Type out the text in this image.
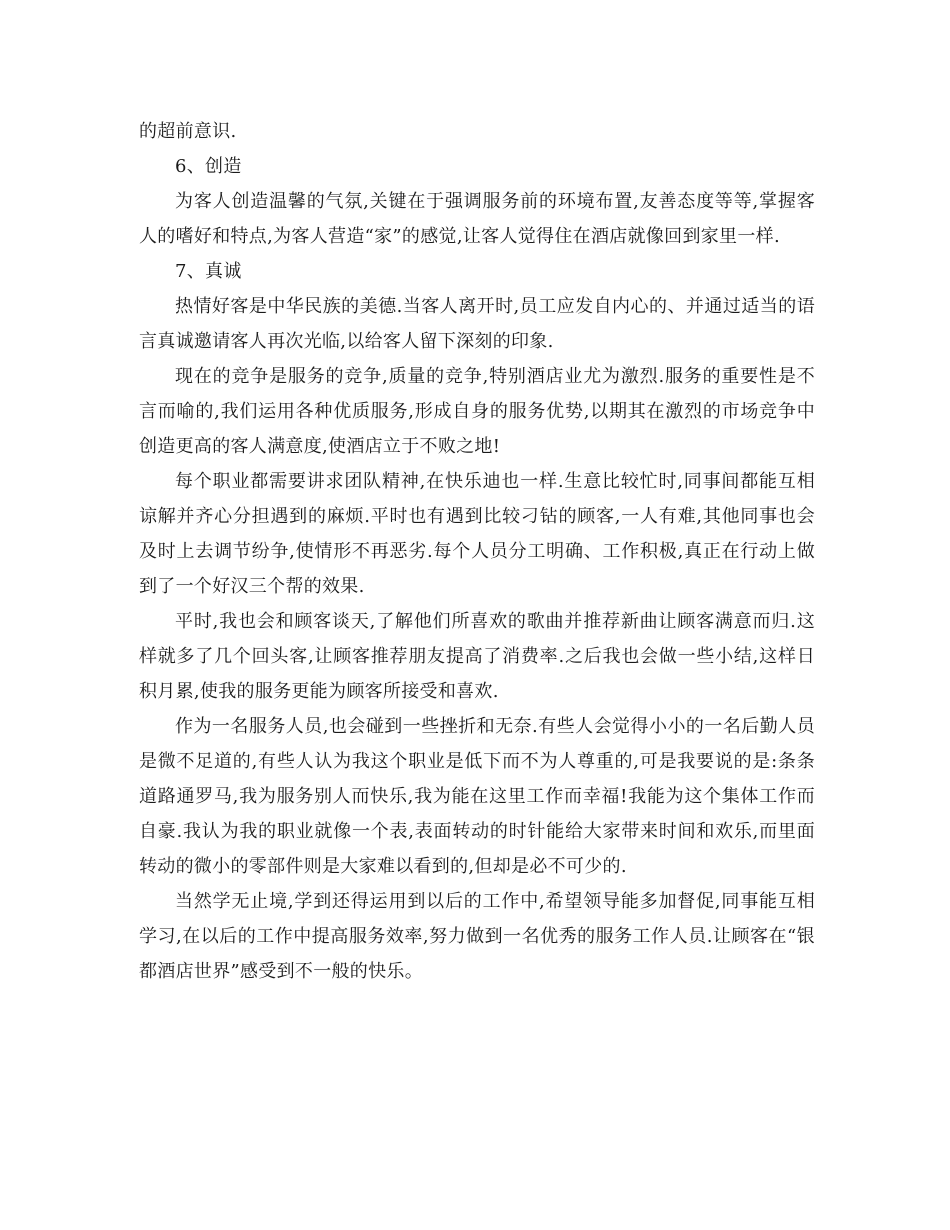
的超前意识.

6、创造

为客人创造温馨的气氛,关键在于强调服务前的环境布置,友善态度等等,掌握客人的嗜好和特点,为客人营造“家”的感觉,让客人觉得住在酒店就像回到家里一样.

7、真诚

热情好客是中华民族的美德.当客人离开时,员工应发自内心的、并通过适当的语言真诚邀请客人再次光临,以给客人留下深刻的印象.

现在的竞争是服务的竞争,质量的竞争,特别酒店业尤为激烈.服务的重要性是不言而喻的,我们运用各种优质服务,形成自身的服务优势,以期其在激烈的市场竞争中创造更高的客人满意度,使酒店立于不败之地!

每个职业都需要讲求团队精神,在快乐迪也一样.生意比较忙时,同事间都能互相谅解并齐心分担遇到的麻烦.平时也有遇到比较刁钻的顾客,一人有难,其他同事也会及时上去调节纷争,使情形不再恶劣.每个人员分工明确、工作积极,真正在行动上做到了一个好汉三个帮的效果.

平时,我也会和顾客谈天,了解他们所喜欢的歌曲并推荐新曲让顾客满意而归.这样就多了几个回头客,让顾客推荐朋友提高了消费率.之后我也会做一些小结,这样日积月累,使我的服务更能为顾客所接受和喜欢.

作为一名服务人员,也会碰到一些挫折和无奈.有些人会觉得小小的一名后勤人员是微不足道的,有些人认为我这个职业是低下而不为人尊重的,可是我要说的是:条条道路通罗马,我为服务别人而快乐,我为能在这里工作而幸福!我能为这个集体工作而自豪.我认为我的职业就像一个表,表面转动的时针能给大家带来时间和欢乐,而里面转动的微小的零部件则是大家难以看到的,但却是必不可少的.

当然学无止境,学到还得运用到以后的工作中,希望领导能多加督促,同事能互相学习,在以后的工作中提高服务效率,努力做到一名优秀的服务工作人员.让顾客在“银都酒店世界”感受到不一般的快乐。
